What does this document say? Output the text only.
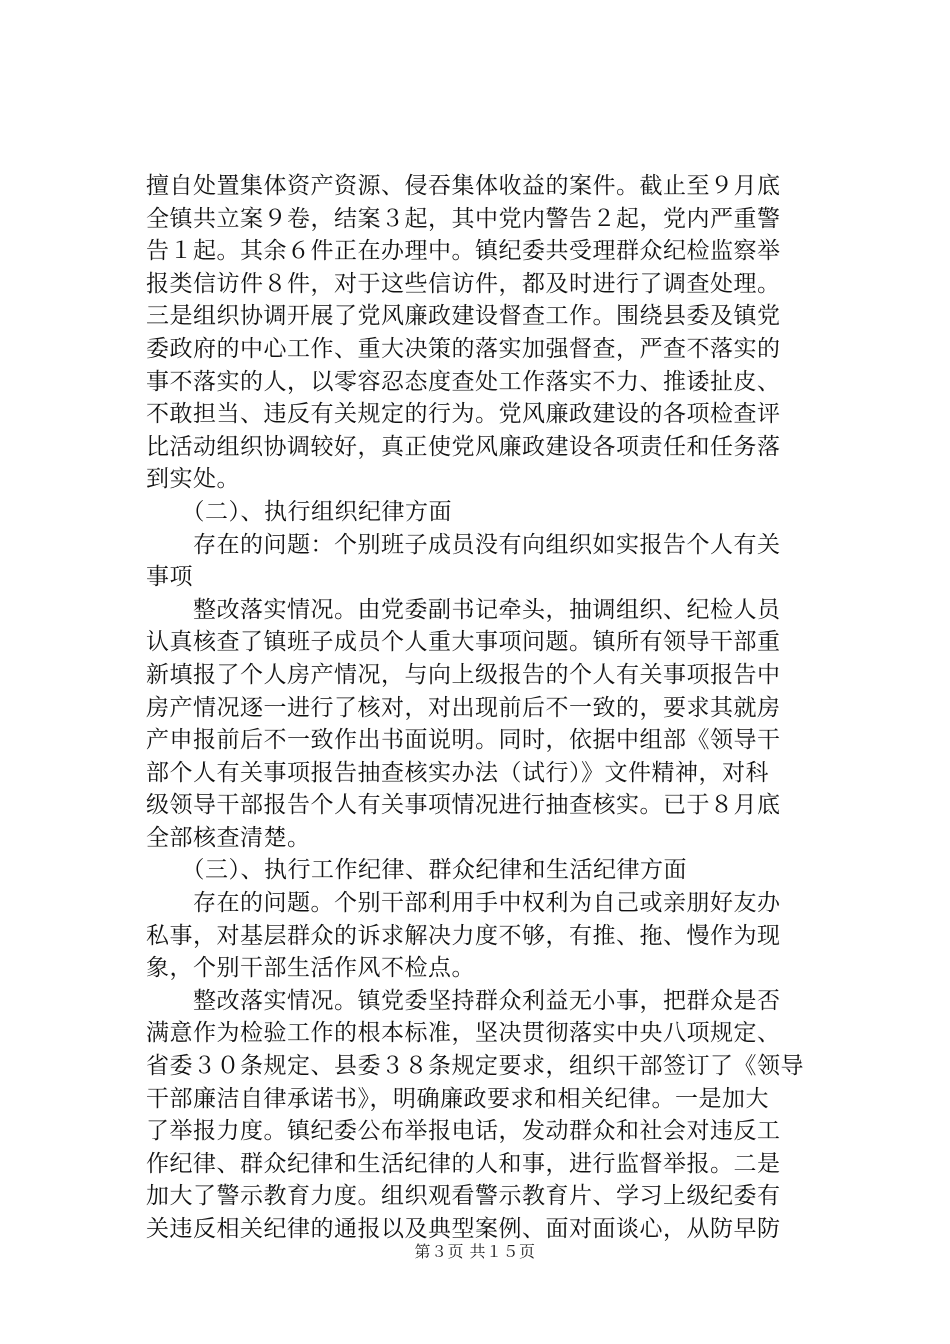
擅自处置集体资产资源、侵吞集体收益的案件。截止至９月底
全镇共立案９卷，结案３起，其中党内警告２起，党内严重警
告１起。其余６件正在办理中。镇纪委共受理群众纪检监察举
报类信访件８件，对于这些信访件，都及时进行了调查处理。
三是组织协调开展了党风廉政建设督查工作。围绕县委及镇党
委政府的中心工作、重大决策的落实加强督查，严查不落实的
事不落实的人，以零容忍态度查处工作落实不力、推诿扯皮、
不敢担当、违反有关规定的行为。党风廉政建设的各项检查评
比活动组织协调较好，真正使党风廉政建设各项责任和任务落
到实处。
　　（二）、执行组织纪律方面
　　存在的问题：个别班子成员没有向组织如实报告个人有关
事项
　　整改落实情况。由党委副书记牵头，抽调组织、纪检人员
认真核查了镇班子成员个人重大事项问题。镇所有领导干部重
新填报了个人房产情况，与向上级报告的个人有关事项报告中
房产情况逐一进行了核对，对出现前后不一致的，要求其就房
产申报前后不一致作出书面说明。同时，依据中组部《领导干
部个人有关事项报告抽查核实办法（试行）》文件精神，对科
级领导干部报告个人有关事项情况进行抽查核实。已于８月底
全部核查清楚。
　　（三）、执行工作纪律、群众纪律和生活纪律方面
　　存在的问题。个别干部利用手中权利为自己或亲朋好友办
私事，对基层群众的诉求解决力度不够，有推、拖、慢作为现
象，个别干部生活作风不检点。
　　整改落实情况。镇党委坚持群众利益无小事，把群众是否
满意作为检验工作的根本标准，坚决贯彻落实中央八项规定、
省委３０条规定、县委３８条规定要求，组织干部签订了《领导
干部廉洁自律承诺书》，明确廉政要求和相关纪律。一是加大
了举报力度。镇纪委公布举报电话，发动群众和社会对违反工
作纪律、群众纪律和生活纪律的人和事，进行监督举报。二是
加大了警示教育力度。组织观看警示教育片、学习上级纪委有
关违反相关纪律的通报以及典型案例、面对面谈心，从防早防
第３页 共１５页
